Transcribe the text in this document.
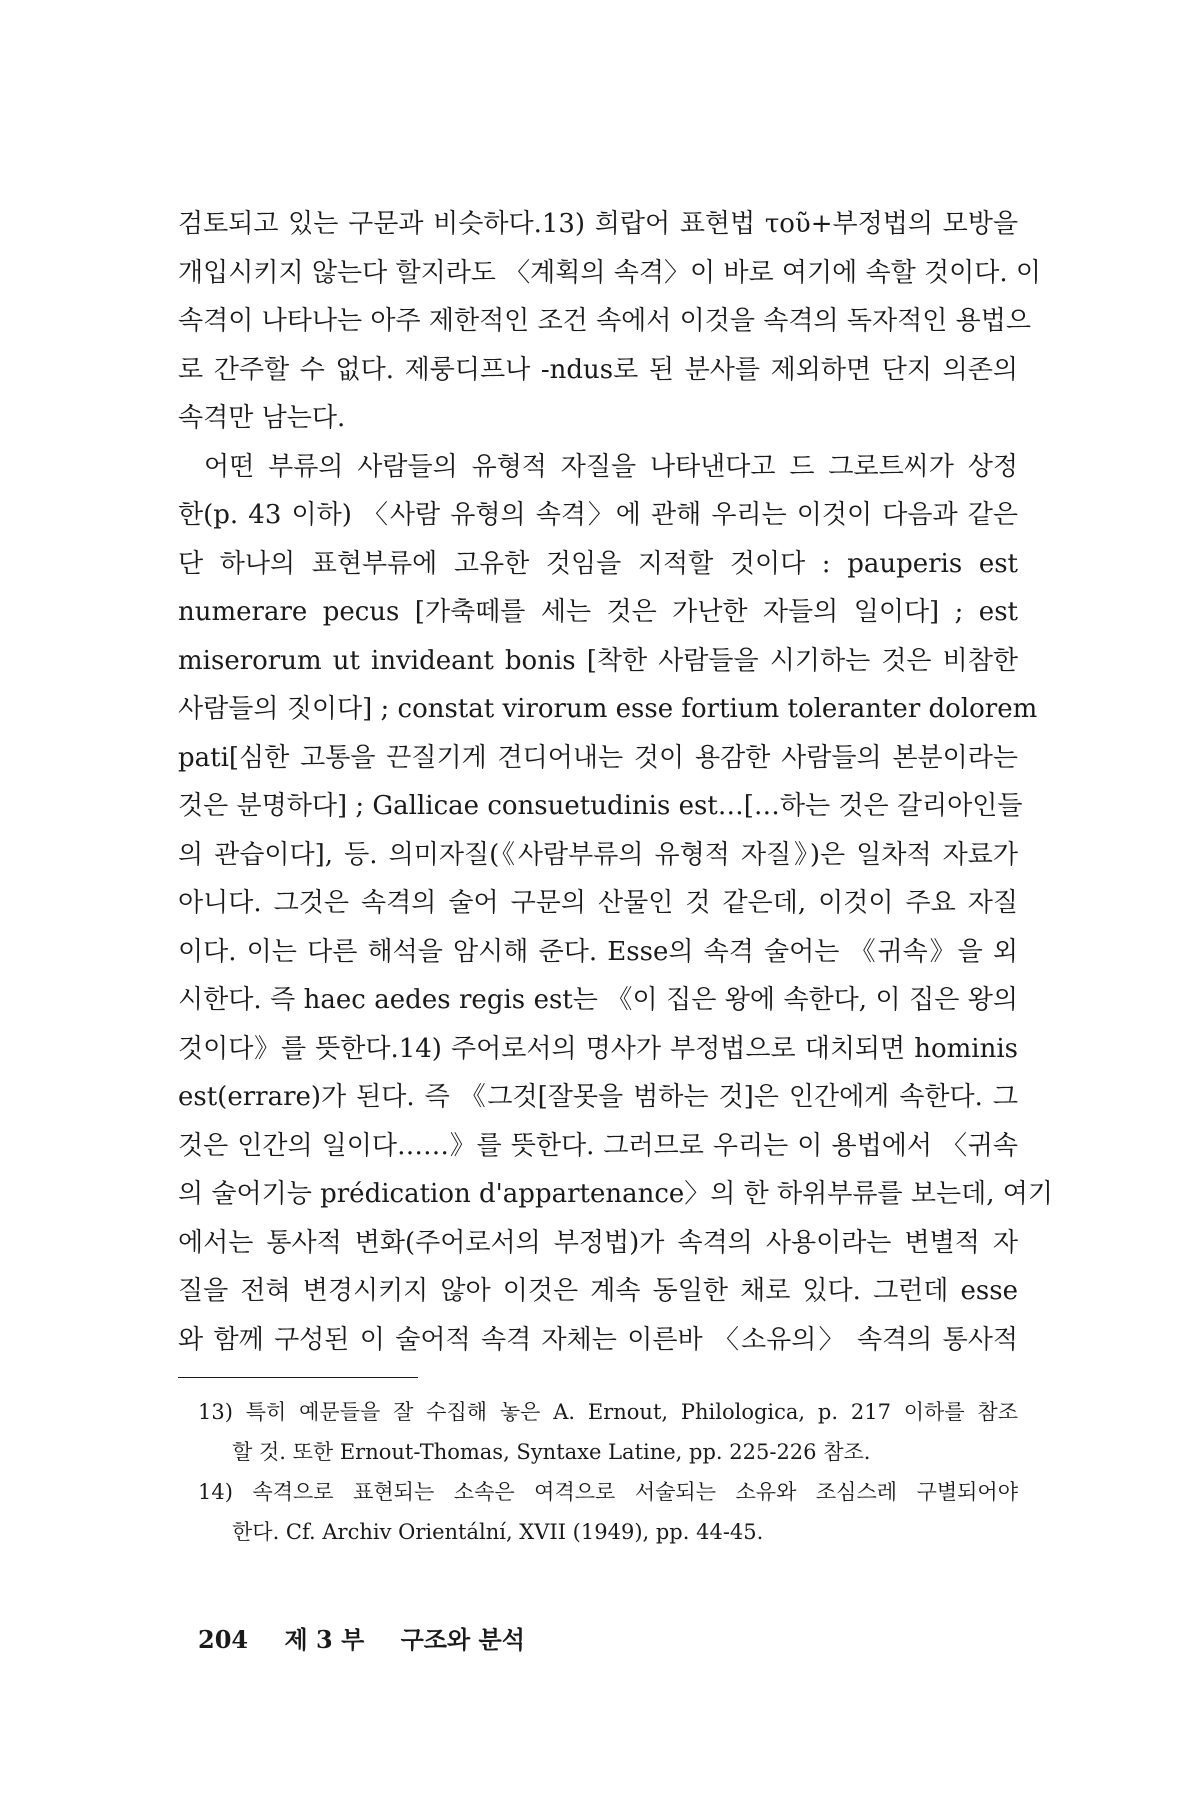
검토되고 있는 구문과 비슷하다.13) 희랍어 표현법 τοῦ+부정법의 모방을
개입시키지 않는다 할지라도 〈계획의 속격〉이 바로 여기에 속할 것이다. 이
속격이 나타나는 아주 제한적인 조건 속에서 이것을 속격의 독자적인 용법으
로 간주할 수 없다. 제룽디프나 -ndus로 된 분사를 제외하면 단지 의존의
속격만 남는다.
어떤 부류의 사람들의 유형적 자질을 나타낸다고 드 그로트씨가 상정
한(p. 43 이하) 〈사람 유형의 속격〉에 관해 우리는 이것이 다음과 같은
단 하나의 표현부류에 고유한 것임을 지적할 것이다 : pauperis est
numerare pecus [가축떼를 세는 것은 가난한 자들의 일이다] ; est
miserorum ut invideant bonis [착한 사람들을 시기하는 것은 비참한
사람들의 짓이다] ; constat virorum esse fortium toleranter dolorem
pati[심한 고통을 끈질기게 견디어내는 것이 용감한 사람들의 본분이라는
것은 분명하다] ; Gallicae consuetudinis est…[…하는 것은 갈리아인들
의 관습이다], 등. 의미자질(《사람부류의 유형적 자질》)은 일차적 자료가
아니다. 그것은 속격의 술어 구문의 산물인 것 같은데, 이것이 주요 자질
이다. 이는 다른 해석을 암시해 준다. Esse의 속격 술어는 《귀속》을 외
시한다. 즉 haec aedes regis est는 《이 집은 왕에 속한다, 이 집은 왕의
것이다》를 뜻한다.14) 주어로서의 명사가 부정법으로 대치되면 hominis
est(errare)가 된다. 즉 《그것[잘못을 범하는 것]은 인간에게 속한다. 그
것은 인간의 일이다……》를 뜻한다. 그러므로 우리는 이 용법에서 〈귀속
의 술어기능 prédication d'appartenance〉의 한 하위부류를 보는데, 여기
에서는 통사적 변화(주어로서의 부정법)가 속격의 사용이라는 변별적 자
질을 전혀 변경시키지 않아 이것은 계속 동일한 채로 있다. 그런데 esse
와 함께 구성된 이 술어적 속격 자체는 이른바 〈소유의〉 속격의 통사적
13) 특히 예문들을 잘 수집해 놓은 A. Ernout, Philologica, p. 217 이하를 참조
할 것. 또한 Ernout-Thomas, Syntaxe Latine, pp. 225-226 참조.
14) 속격으로 표현되는 소속은 여격으로 서술되는 소유와 조심스레 구별되어야
한다. Cf. Archiv Orientální, XVII (1949), pp. 44-45.
204 제 3 부 구조와 분석
